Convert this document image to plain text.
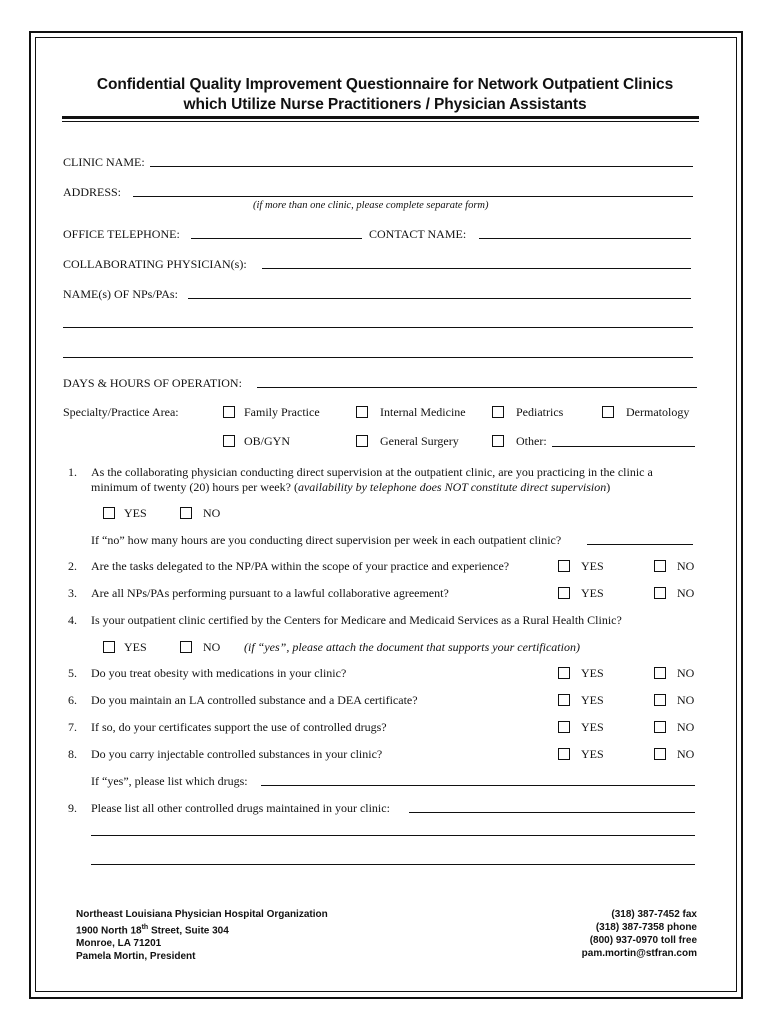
Confidential Quality Improvement Questionnaire for Network Outpatient Clinics
which Utilize Nurse Practitioners / Physician Assistants
CLINIC NAME:
ADDRESS:
(if more than one clinic, please complete separate form)
OFFICE TELEPHONE:	CONTACT NAME:
COLLABORATING PHYSICIAN(s):
NAME(s) OF NPs/PAs:
DAYS & HOURS OF OPERATION:
Specialty/Practice Area:	Family Practice	Internal Medicine	Pediatrics	Dermatology
OB/GYN	General Surgery	Other:
1. As the collaborating physician conducting direct supervision at the outpatient clinic, are you practicing in the clinic a
minimum of twenty (20) hours per week? (availability by telephone does NOT constitute direct supervision)
YES	NO
If “no” how many hours are you conducting direct supervision per week in each outpatient clinic?
2. Are the tasks delegated to the NP/PA within the scope of your practice and experience?	YES	NO
3. Are all NPs/PAs performing pursuant to a lawful collaborative agreement?	YES	NO
4. Is your outpatient clinic certified by the Centers for Medicare and Medicaid Services as a Rural Health Clinic?
YES	NO (if “yes”, please attach the document that supports your certification)
5. Do you treat obesity with medications in your clinic?	YES	NO
6. Do you maintain an LA controlled substance and a DEA certificate?	YES	NO
7. If so, do your certificates support the use of controlled drugs?	YES	NO
8. Do you carry injectable controlled substances in your clinic?	YES	NO
If “yes”, please list which drugs:
9. Please list all other controlled drugs maintained in your clinic:
Northeast Louisiana Physician Hospital Organization
1900 North 18th Street, Suite 304
Monroe, LA 71201
Pamela Mortin, President
(318) 387-7452 fax
(318) 387-7358 phone
(800) 937-0970 toll free
pam.mortin@stfran.com
